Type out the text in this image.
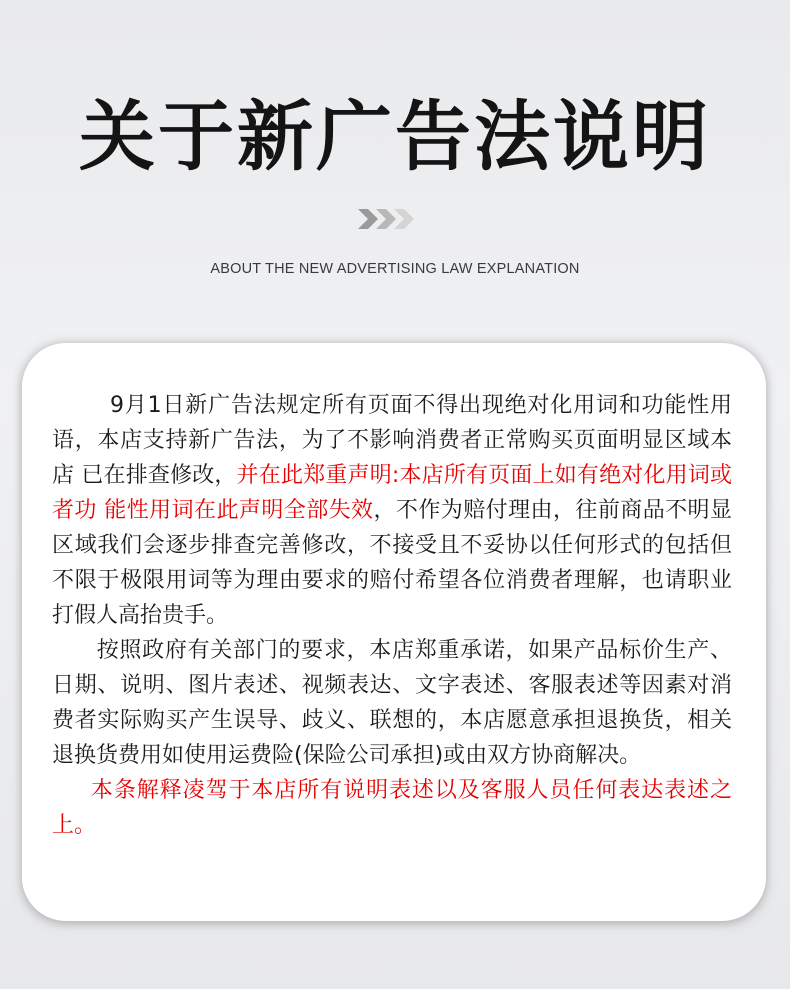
关于新广告法说明
ABOUT THE NEW ADVERTISING LAW EXPLANATION

9月1日新广告法规定所有页面不得出现绝对化用词和功能性用语，本店支持新广告法，为了不影响消费者正常购买页面明显区域本店 已在排查修改，并在此郑重声明:本店所有页面上如有绝对化用词或者功 能性用词在此声明全部失效，不作为赔付理由，往前商品不明显区域我们会逐步排查完善修改，不接受且不妥协以任何形式的包括但不限于极限用词等为理由要求的赔付希望各位消费者理解，也请职业打假人高抬贵手。

按照政府有关部门的要求，本店郑重承诺，如果产品标价生产、日期、说明、图片表述、视频表达、文字表述、客服表述等因素对消费者实际购买产生误导、歧义、联想的，本店愿意承担退换货，相关退换货费用如使用运费险(保险公司承担)或由双方协商解决。

本条解释凌驾于本店所有说明表述以及客服人员任何表达表述之上。
